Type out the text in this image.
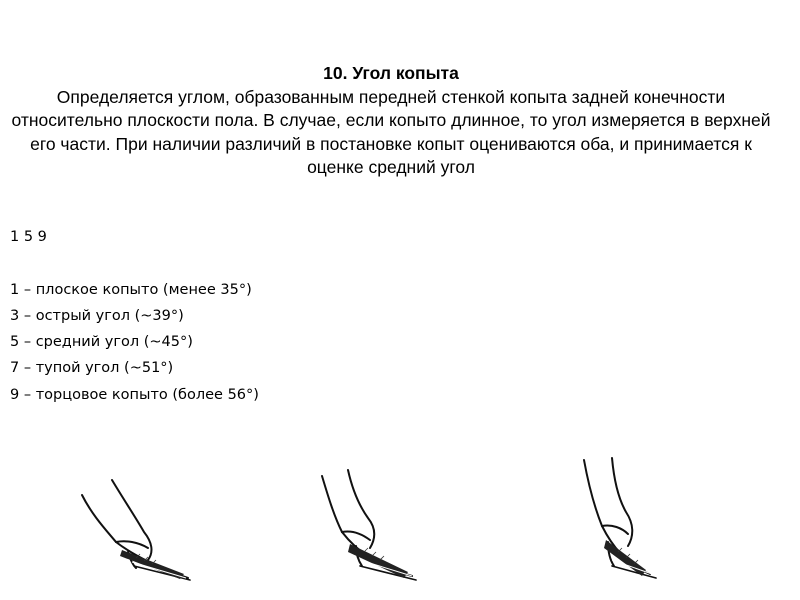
10. Угол копыта
Определяется углом, образованным передней стенкой копыта задней конечности относительно плоскости пола. В случае, если копыто длинное, то угол измеряется в верхней его части. При наличии различий в постановке копыт оцениваются оба, и принимается к оценке средний угол
1 5 9
1 – плоское копыто (менее 35°)
3 – острый угол (~39°)
5 – средний угол (~45°)
7 – тупой угол (~51°)
9 – торцовое копыто (более 56°)
